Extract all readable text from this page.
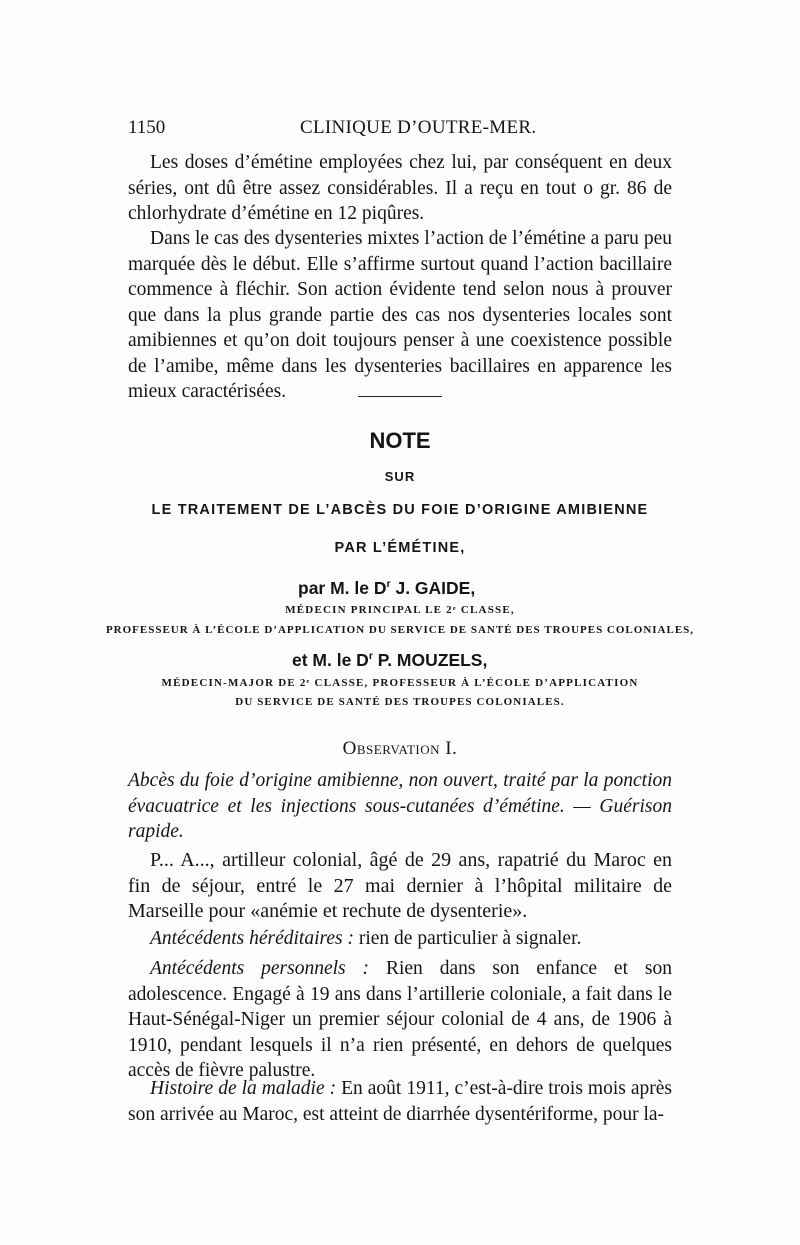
1150	CLINIQUE D’OUTRE-MER.

Les doses d’émétine employées chez lui, par conséquent en deux séries, ont dû être assez considérables. Il a reçu en tout o gr. 86 de chlorhydrate d’émétine en 12 piqûres.

Dans le cas des dysenteries mixtes l’action de l’émétine a paru peu marquée dès le début. Elle s’affirme surtout quand l’action bacillaire commence à fléchir. Son action évidente tend selon nous à prouver que dans la plus grande partie des cas nos dysenteries locales sont amibiennes et qu’on doit toujours penser à une coexistence possible de l’amibe, même dans les dysenteries bacillaires en apparence les mieux caractérisées.

NOTE
SUR
LE TRAITEMENT DE L’ABCÈS DU FOIE D’ORIGINE AMIBIENNE
PAR L’ÉMÉTINE,
par M. le $D^r$ J. GAIDE,
MÉDECIN PRINCIPAL LE 2ᵉ CLASSE,
PROFESSEUR À L’ÉCOLE D’APPLICATION DU SERVICE DE SANTÉ DES TROUPES COLONIALES,
et M. le $D^r$ P. MOUZELS,
MÉDECIN-MAJOR DE 2ᵉ CLASSE, PROFESSEUR À L’ÉCOLE D’APPLICATION
DU SERVICE DE SANTÉ DES TROUPES COLONIALES.
Observation I.

Abcès du foie d’origine amibienne, non ouvert, traité par la ponction évacuatrice et les injections sous-cutanées d’émétine. — Guérison rapide.

P... A..., artilleur colonial, âgé de 29 ans, rapatrié du Maroc en fin de séjour, entré le 27 mai dernier à l’hôpital militaire de Marseille pour «anémie et rechute de dysenterie».

Antécédents héréditaires : rien de particulier à signaler.

Antécédents personnels : Rien dans son enfance et son adolescence. Engagé à 19 ans dans l’artillerie coloniale, a fait dans le Haut-Sénégal-Niger un premier séjour colonial de 4 ans, de 1906 à 1910, pendant lesquels il n’a rien présenté, en dehors de quelques accès de fièvre palustre.

Histoire de la maladie : En août 1911, c’est-à-dire trois mois après son arrivée au Maroc, est atteint de diarrhée dysentériforme, pour la-
